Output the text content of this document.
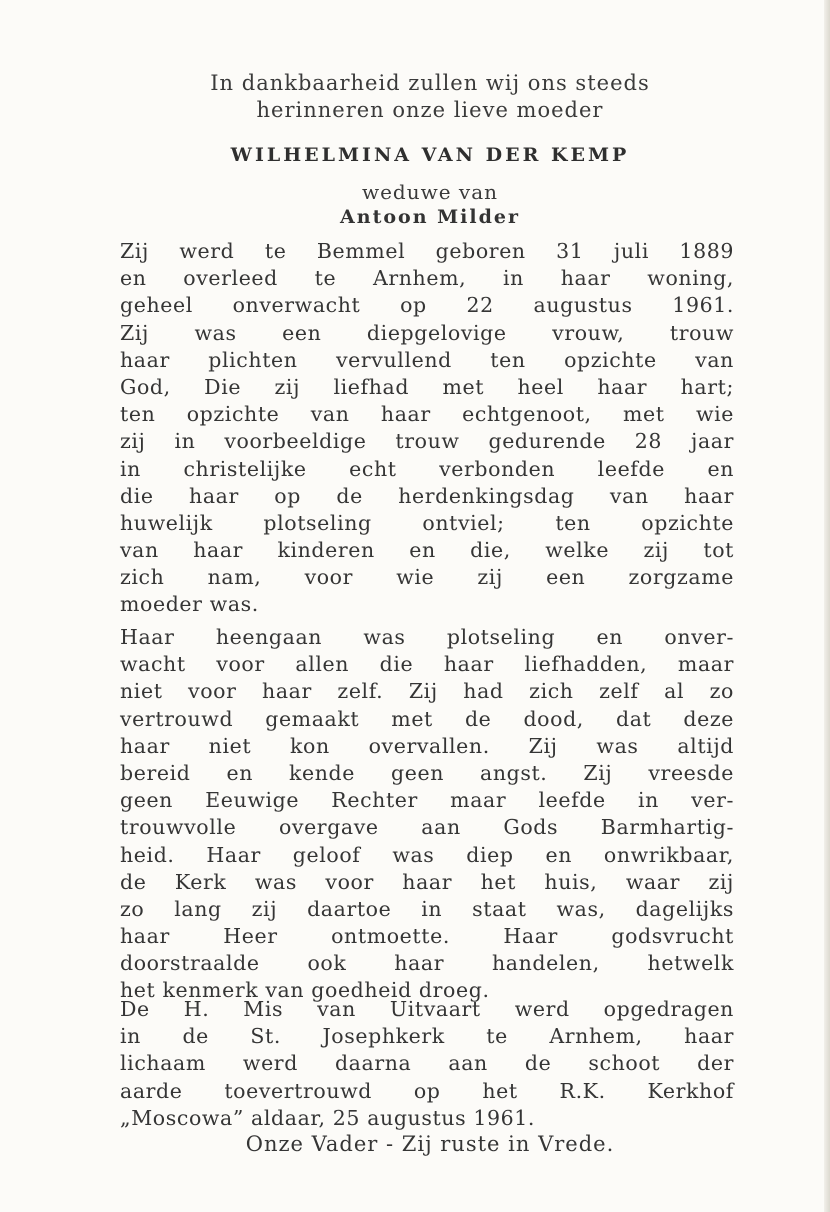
In dankbaarheid zullen wij ons steeds
herinneren onze lieve moeder
WILHELMINA VAN DER KEMP
weduwe van
Antoon Milder
Zij werd te Bemmel geboren 31 juli 1889
en overleed te Arnhem, in haar woning,
geheel onverwacht op 22 augustus 1961.
Zij was een diepgelovige vrouw, trouw
haar plichten vervullend ten opzichte van
God, Die zij liefhad met heel haar hart;
ten opzichte van haar echtgenoot, met wie
zij in voorbeeldige trouw gedurende 28 jaar
in christelijke echt verbonden leefde en
die haar op de herdenkingsdag van haar
huwelijk plotseling ontviel; ten opzichte
van haar kinderen en die, welke zij tot
zich nam, voor wie zij een zorgzame
moeder was.
Haar heengaan was plotseling en onver-
wacht voor allen die haar liefhadden, maar
niet voor haar zelf. Zij had zich zelf al zo
vertrouwd gemaakt met de dood, dat deze
haar niet kon overvallen. Zij was altijd
bereid en kende geen angst. Zij vreesde
geen Eeuwige Rechter maar leefde in ver-
trouwvolle overgave aan Gods Barmhartig-
heid. Haar geloof was diep en onwrikbaar,
de Kerk was voor haar het huis, waar zij
zo lang zij daartoe in staat was, dagelijks
haar Heer ontmoette. Haar godsvrucht
doorstraalde ook haar handelen, hetwelk
het kenmerk van goedheid droeg.
De H. Mis van Uitvaart werd opgedragen
in de St. Josephkerk te Arnhem, haar
lichaam werd daarna aan de schoot der
aarde toevertrouwd op het R.K. Kerkhof
„Moscowa” aldaar, 25 augustus 1961.
Onze Vader - Zij ruste in Vrede.
